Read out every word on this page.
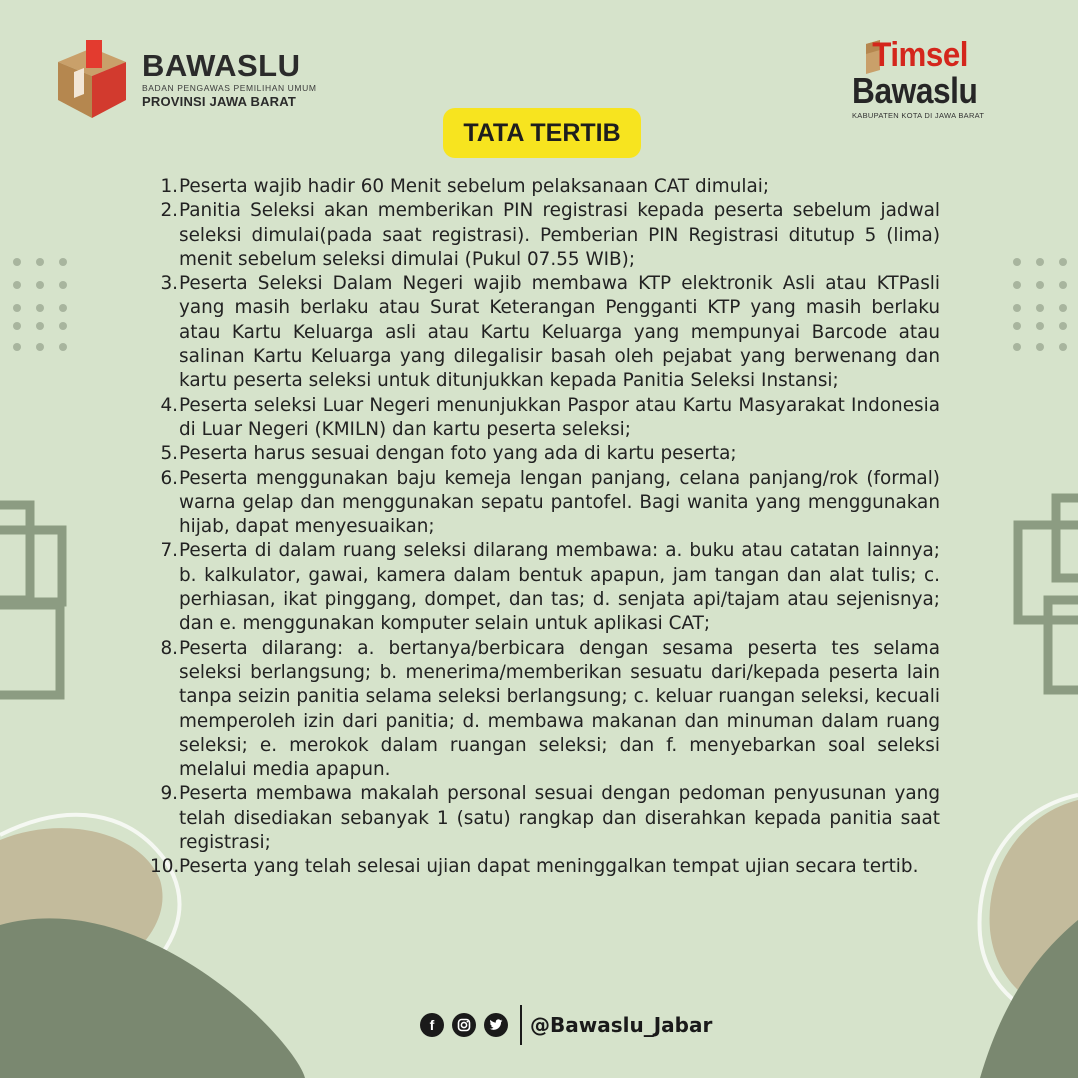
BAWASLU
BADAN PENGAWAS PEMILIHAN UMUM
PROVINSI JAWA BARAT
Timsel
Bawaslu
KABUPATEN KOTA DI JAWA BARAT
TATA TERTIB
1. Peserta wajib hadir 60 Menit sebelum pelaksanaan CAT dimulai;
2. Panitia Seleksi akan memberikan PIN registrasi kepada peserta sebelum jadwal seleksi dimulai(pada saat registrasi). Pemberian PIN Registrasi ditutup 5 (lima) menit sebelum seleksi dimulai (Pukul 07.55 WIB);
3. Peserta Seleksi Dalam Negeri wajib membawa KTP elektronik Asli atau KTPasli yang masih berlaku atau Surat Keterangan Pengganti KTP yang masih berlaku atau Kartu Keluarga asli atau Kartu Keluarga yang mempunyai Barcode atau salinan Kartu Keluarga yang dilegalisir basah oleh pejabat yang berwenang dan kartu peserta seleksi untuk ditunjukkan kepada Panitia Seleksi Instansi;
4. Peserta seleksi Luar Negeri menunjukkan Paspor atau Kartu Masyarakat Indonesia di Luar Negeri (KMILN) dan kartu peserta seleksi;
5. Peserta harus sesuai dengan foto yang ada di kartu peserta;
6. Peserta menggunakan baju kemeja lengan panjang, celana panjang/rok (formal) warna gelap dan menggunakan sepatu pantofel. Bagi wanita yang menggunakan hijab, dapat menyesuaikan;
7. Peserta di dalam ruang seleksi dilarang membawa: a. buku atau catatan lainnya; b. kalkulator, gawai, kamera dalam bentuk apapun, jam tangan dan alat tulis; c. perhiasan, ikat pinggang, dompet, dan tas; d. senjata api/tajam atau sejenisnya; dan e. menggunakan komputer selain untuk aplikasi CAT;
8. Peserta dilarang: a. bertanya/berbicara dengan sesama peserta tes selama seleksi berlangsung; b. menerima/memberikan sesuatu dari/kepada peserta lain tanpa seizin panitia selama seleksi berlangsung; c. keluar ruangan seleksi, kecuali memperoleh izin dari panitia; d. membawa makanan dan minuman dalam ruang seleksi; e. merokok dalam ruangan seleksi; dan f. menyebarkan soal seleksi melalui media apapun.
9. Peserta membawa makalah personal sesuai dengan pedoman penyusunan yang telah disediakan sebanyak 1 (satu) rangkap dan diserahkan kepada panitia saat registrasi;
10. Peserta yang telah selesai ujian dapat meninggalkan tempat ujian secara tertib.
f	@Bawaslu_Jabar
